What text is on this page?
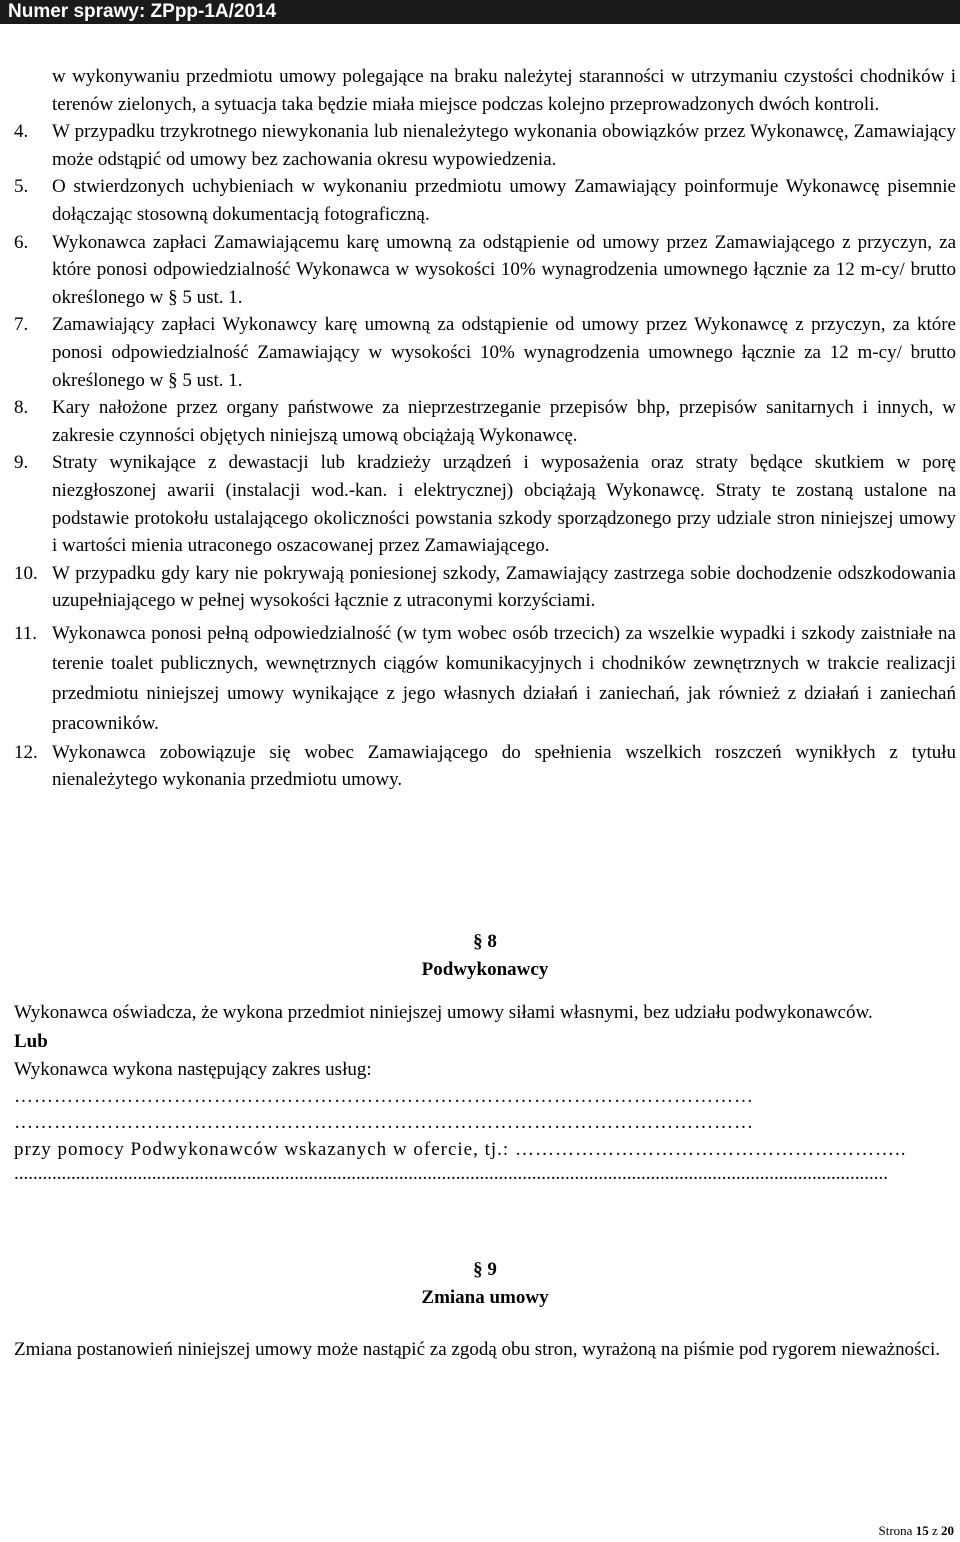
Numer sprawy: ZPpp-1A/2014

w wykonywaniu przedmiotu umowy polegające na braku należytej staranności w utrzymaniu czystości chodników i terenów zielonych, a sytuacja taka będzie miała miejsce podczas kolejno przeprowadzonych dwóch kontroli.

4. W przypadku trzykrotnego niewykonania lub nienależytego wykonania obowiązków przez Wykonawcę, Zamawiający może odstąpić od umowy bez zachowania okresu wypowiedzenia.
5. O stwierdzonych uchybieniach w wykonaniu przedmiotu umowy Zamawiający poinformuje Wykonawcę pisemnie dołączając stosowną dokumentacją fotograficzną.
6. Wykonawca zapłaci Zamawiającemu karę umowną za odstąpienie od umowy przez Zamawiającego z przyczyn, za które ponosi odpowiedzialność Wykonawca w wysokości 10% wynagrodzenia umownego łącznie za 12 m-cy/ brutto określonego w § 5 ust. 1.
7. Zamawiający zapłaci Wykonawcy karę umowną za odstąpienie od umowy przez Wykonawcę z przyczyn, za które ponosi odpowiedzialność Zamawiający w wysokości 10% wynagrodzenia umownego łącznie za 12 m-cy/ brutto określonego w § 5 ust. 1.
8. Kary nałożone przez organy państwowe za nieprzestrzeganie przepisów bhp, przepisów sanitarnych i innych, w zakresie czynności objętych niniejszą umową obciążają Wykonawcę.
9. Straty wynikające z dewastacji lub kradzieży urządzeń i wyposażenia oraz straty będące skutkiem w porę niezgłoszonej awarii (instalacji wod.-kan. i elektrycznej) obciążają Wykonawcę. Straty te zostaną ustalone na podstawie protokołu ustalającego okoliczności powstania szkody sporządzonego przy udziale stron niniejszej umowy i wartości mienia utraconego oszacowanej przez Zamawiającego.
10. W przypadku gdy kary nie pokrywają poniesionej szkody, Zamawiający zastrzega sobie dochodzenie odszkodowania uzupełniającego w pełnej wysokości łącznie z utraconymi korzyściami.
11. Wykonawca ponosi pełną odpowiedzialność (w tym wobec osób trzecich) za wszelkie wypadki i szkody zaistniałe na terenie toalet publicznych, wewnętrznych ciągów komunikacyjnych i chodników zewnętrznych w trakcie realizacji przedmiotu niniejszej umowy wynikające z jego własnych działań i zaniechań, jak również z działań i zaniechań pracowników.
12. Wykonawca zobowiązuje się wobec Zamawiającego do spełnienia wszelkich roszczeń wynikłych z tytułu nienależytego wykonania przedmiotu umowy.
§ 8
Podwykonawcy
Wykonawca oświadcza, że wykona przedmiot niniejszej umowy siłami własnymi, bez udziału podwykonawców.
Lub
Wykonawca wykona następujący zakres usług:
…………………………………………………………………………………………………
…………………………………………………………………………………………………
przy pomocy Podwykonawców wskazanych w ofercie, tj.: …………………………………………………..
........................................................................................................................................................................................
§ 9
Zmiana umowy
Zmiana postanowień niniejszej umowy może nastąpić za zgodą obu stron, wyrażoną na piśmie pod rygorem nieważności.
Strona 15 z 20
